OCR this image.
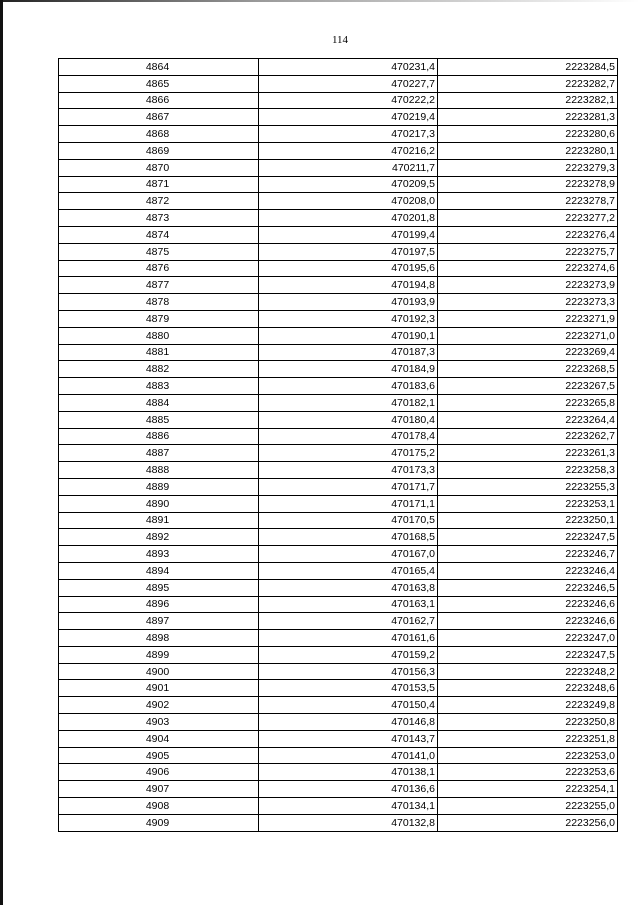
114
4864	470231,4	2223284,5
4865	470227,7	2223282,7
4866	470222,2	2223282,1
4867	470219,4	2223281,3
4868	470217,3	2223280,6
4869	470216,2	2223280,1
4870	470211,7	2223279,3
4871	470209,5	2223278,9
4872	470208,0	2223278,7
4873	470201,8	2223277,2
4874	470199,4	2223276,4
4875	470197,5	2223275,7
4876	470195,6	2223274,6
4877	470194,8	2223273,9
4878	470193,9	2223273,3
4879	470192,3	2223271,9
4880	470190,1	2223271,0
4881	470187,3	2223269,4
4882	470184,9	2223268,5
4883	470183,6	2223267,5
4884	470182,1	2223265,8
4885	470180,4	2223264,4
4886	470178,4	2223262,7
4887	470175,2	2223261,3
4888	470173,3	2223258,3
4889	470171,7	2223255,3
4890	470171,1	2223253,1
4891	470170,5	2223250,1
4892	470168,5	2223247,5
4893	470167,0	2223246,7
4894	470165,4	2223246,4
4895	470163,8	2223246,5
4896	470163,1	2223246,6
4897	470162,7	2223246,6
4898	470161,6	2223247,0
4899	470159,2	2223247,5
4900	470156,3	2223248,2
4901	470153,5	2223248,6
4902	470150,4	2223249,8
4903	470146,8	2223250,8
4904	470143,7	2223251,8
4905	470141,0	2223253,0
4906	470138,1	2223253,6
4907	470136,6	2223254,1
4908	470134,1	2223255,0
4909	470132,8	2223256,0
